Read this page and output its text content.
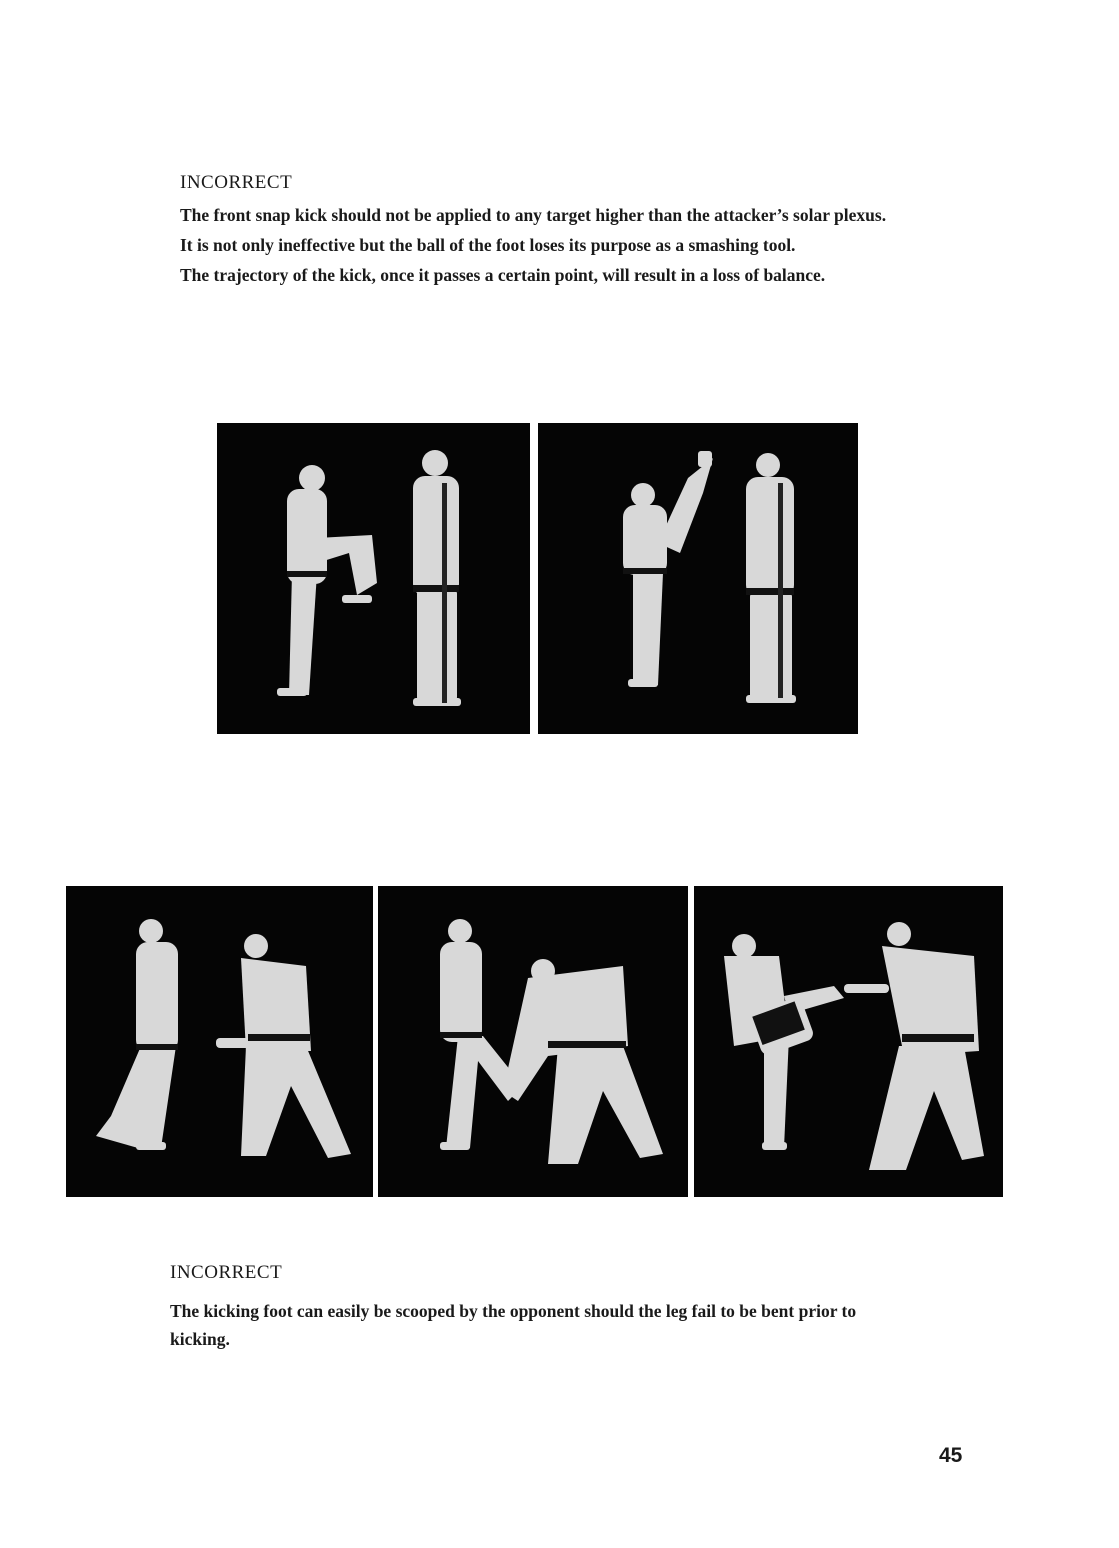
INCORRECT

The front snap kick should not be applied to any target higher than the attacker’s solar plexus.

It is not only ineffective but the ball of the foot loses its purpose as a smashing tool.

The trajectory of the kick, once it passes a certain point, will result in a loss of balance.

INCORRECT

The kicking foot can easily be scooped by the opponent should the leg fail to be bent prior to kicking.

45
